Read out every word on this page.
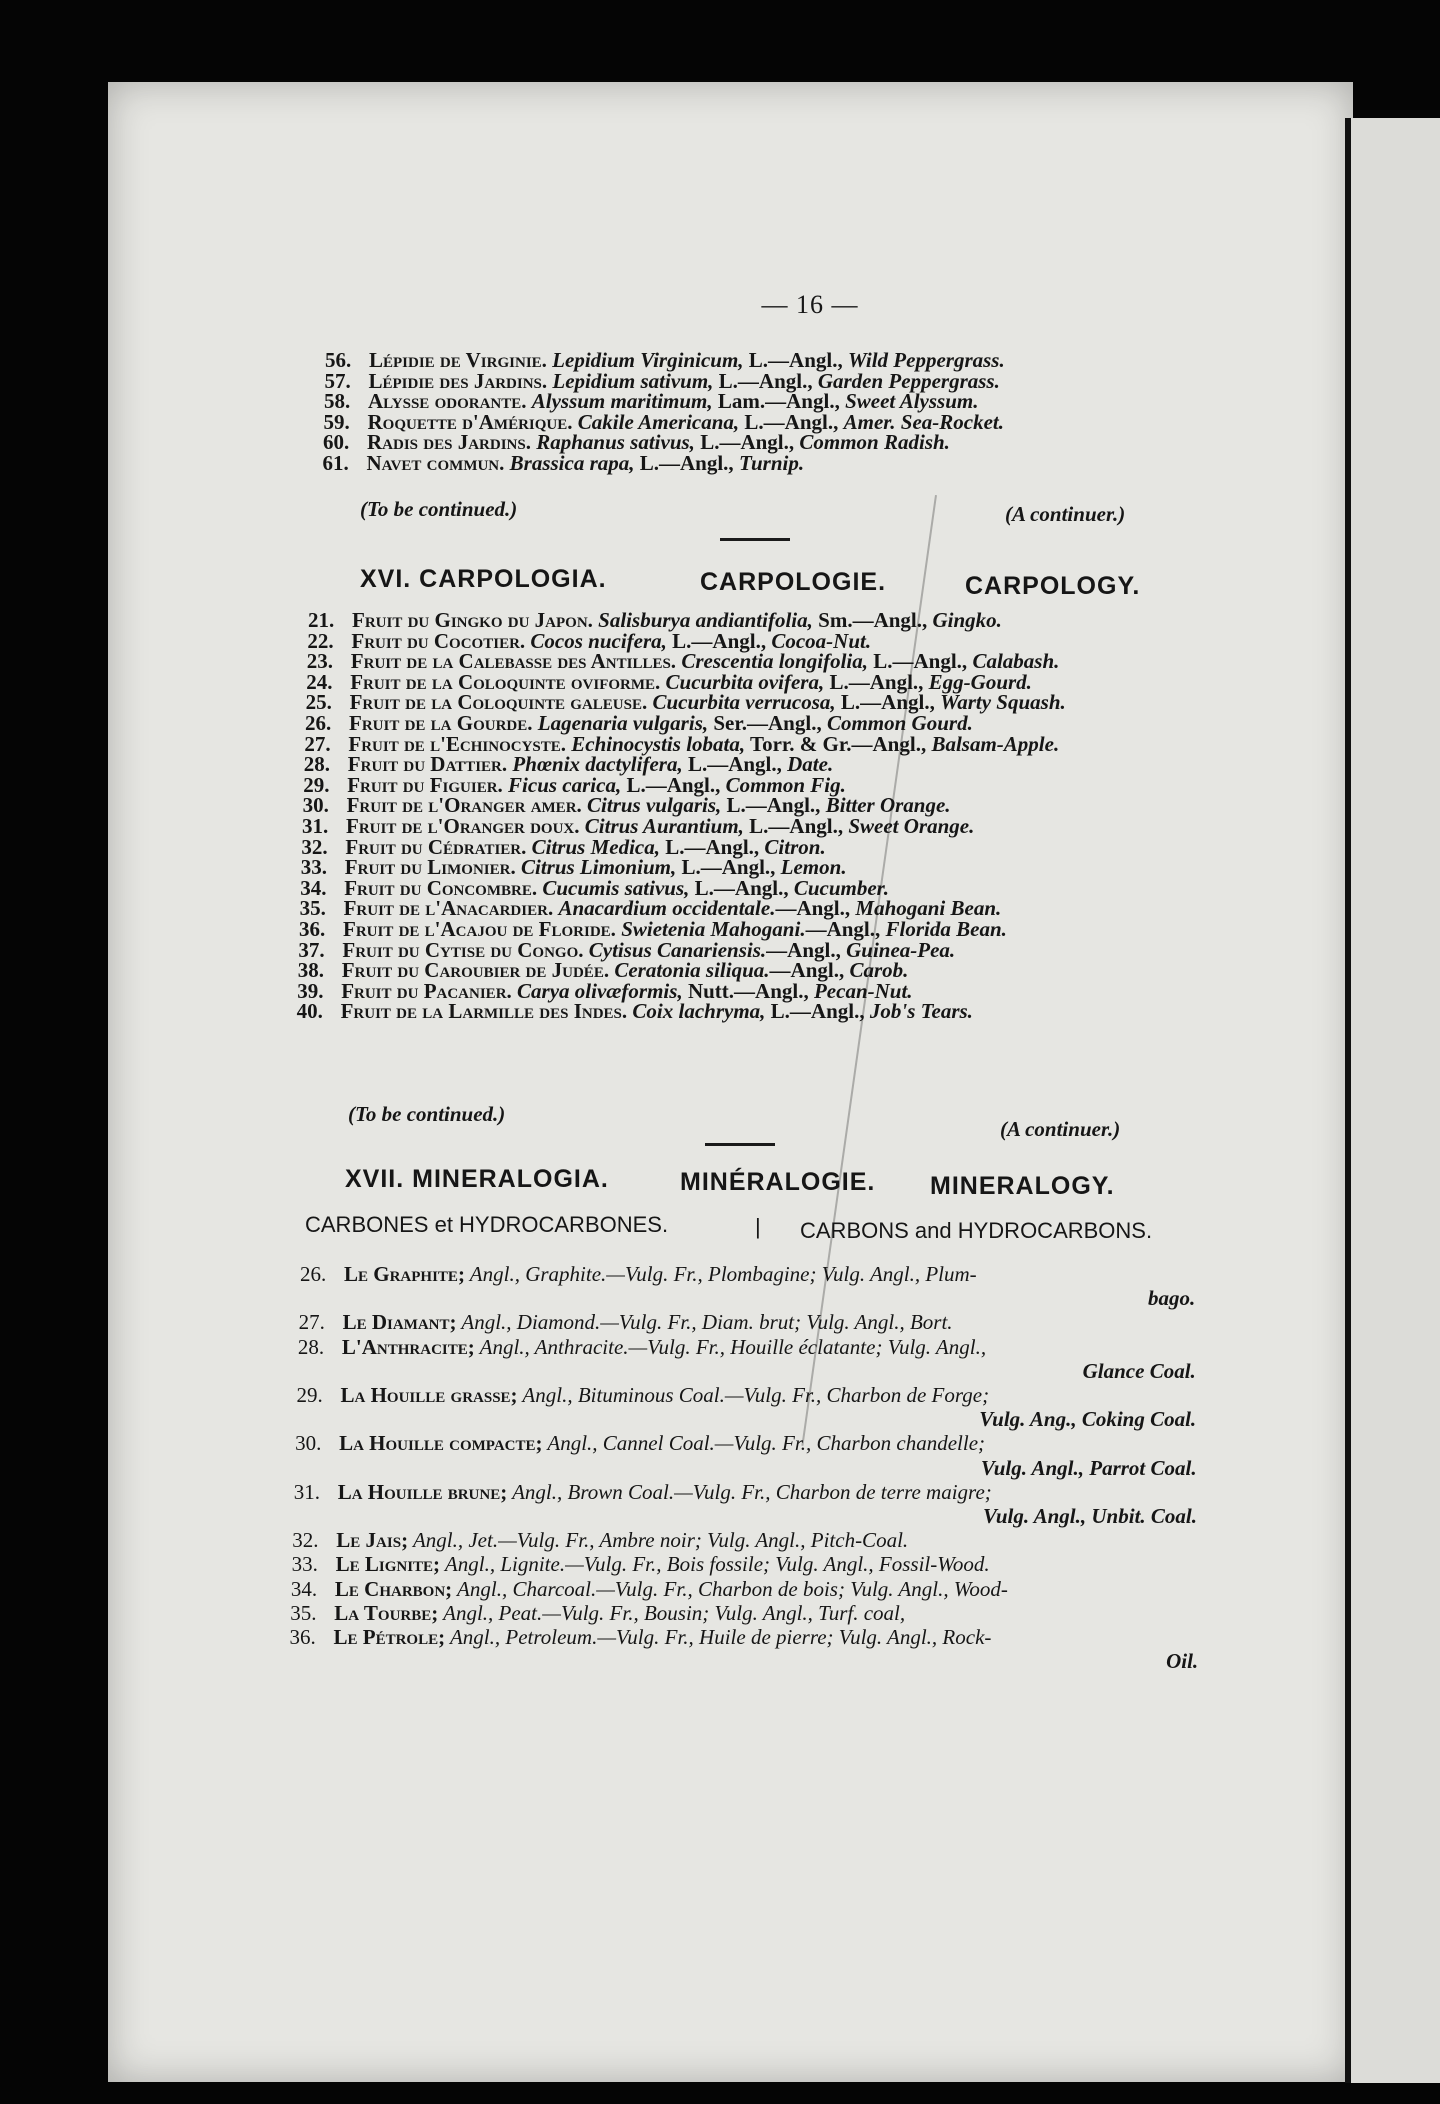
— 16 —
56. Lépidie de Virginie. Lepidium Virginicum, L.—Angl., Wild Peppergrass.
57. Lépidie des Jardins. Lepidium sativum, L.—Angl., Garden Peppergrass.
58. Alysse odorante. Alyssum maritimum, Lam.—Angl., Sweet Alyssum.
59. Roquette d'Amérique. Cakile Americana, L.—Angl., Amer. Sea-Rocket.
60. Radis des Jardins. Raphanus sativus, L.—Angl., Common Radish.
61. Navet commun. Brassica rapa, L.—Angl., Turnip.
(To be continued.)	(A continuer.)
XVI. CARPOLOGIA.	CARPOLOGIE.	CARPOLOGY.
21. Fruit du Gingko du Japon. Salisburya andiantifolia, Sm.—Angl., Gingko.
22. Fruit du Cocotier. Cocos nucifera, L.—Angl., Cocoa-Nut.
23. Fruit de la Calebasse des Antilles. Crescentia longifolia, L.—Angl., Calabash.
24. Fruit de la Coloquinte oviforme. Cucurbita ovifera, L.—Angl., Egg-Gourd.
25. Fruit de la Coloquinte galeuse. Cucurbita verrucosa, L.—Angl., Warty Squash.
26. Fruit de la Gourde. Lagenaria vulgaris, Ser.—Angl., Common Gourd.
27. Fruit de l'Echinocyste. Echinocystis lobata, Torr. & Gr.—Angl., Balsam-Apple.
28. Fruit du Dattier. Phœnix dactylifera, L.—Angl., Date.
29. Fruit du Figuier. Ficus carica, L.—Angl., Common Fig.
30. Fruit de l'Oranger amer. Citrus vulgaris, L.—Angl., Bitter Orange.
31. Fruit de l'Oranger doux. Citrus Aurantium, L.—Angl., Sweet Orange.
32. Fruit du Cédratier. Citrus Medica, L.—Angl., Citron.
33. Fruit du Limonier. Citrus Limonium, L.—Angl., Lemon.
34. Fruit du Concombre. Cucumis sativus, L.—Angl., Cucumber.
35. Fruit de l'Anacardier. Anacardium occidentale.—Angl., Mahogani Bean.
36. Fruit de l'Acajou de Floride. Swietenia Mahogani.—Angl., Florida Bean.
37. Fruit du Cytise du Congo. Cytisus Canariensis.—Angl., Guinea-Pea.
38. Fruit du Caroubier de Judée. Ceratonia siliqua.—Angl., Carob.
39. Fruit du Pacanier. Carya olivæformis, Nutt.—Angl., Pecan-Nut.
40. Fruit de la Larmille des Indes. Coix lachryma, L.—Angl., Job's Tears.
(To be continued.)
(A continuer.)
XVII. MINERALOGIA.	MINÉRALOGIE. MINERALOGY.
CARBONES et HYDROCARBONES.	| CARBONS and HYDROCARBONS.
26. Le Graphite; Angl., Graphite.—Vulg. Fr., Plombagine; Vulg. Angl., Plum-
bago.
27. Le Diamant; Angl., Diamond.—Vulg. Fr., Diam. brut; Vulg. Angl., Bort.
28. L'Anthracite; Angl., Anthracite.—Vulg. Fr., Houille éclatante; Vulg. Angl.,
Glance Coal.
29. La Houille grasse; Angl., Bituminous Coal.—Vulg. Fr., Charbon de Forge;
Vulg. Ang., Coking Coal.
30. La Houille compacte; Angl., Cannel Coal.—Vulg. Fr., Charbon chandelle;
Vulg. Angl., Parrot Coal.
31. La Houille brune; Angl., Brown Coal.—Vulg. Fr., Charbon de terre maigre;
Vulg. Angl., Unbit. Coal.
32. Le Jais; Angl., Jet.—Vulg. Fr., Ambre noir; Vulg. Angl., Pitch-Coal.
33. Le Lignite; Angl., Lignite.—Vulg. Fr., Bois fossile; Vulg. Angl., Fossil-Wood.
34. Le Charbon; Angl., Charcoal.—Vulg. Fr., Charbon de bois; Vulg. Angl., Wood-
35. La Tourbe; Angl., Peat.—Vulg. Fr., Bousin; Vulg. Angl., Turf. coal,
36. Le Pétrole; Angl., Petroleum.—Vulg. Fr., Huile de pierre; Vulg. Angl., Rock-
Oil.
